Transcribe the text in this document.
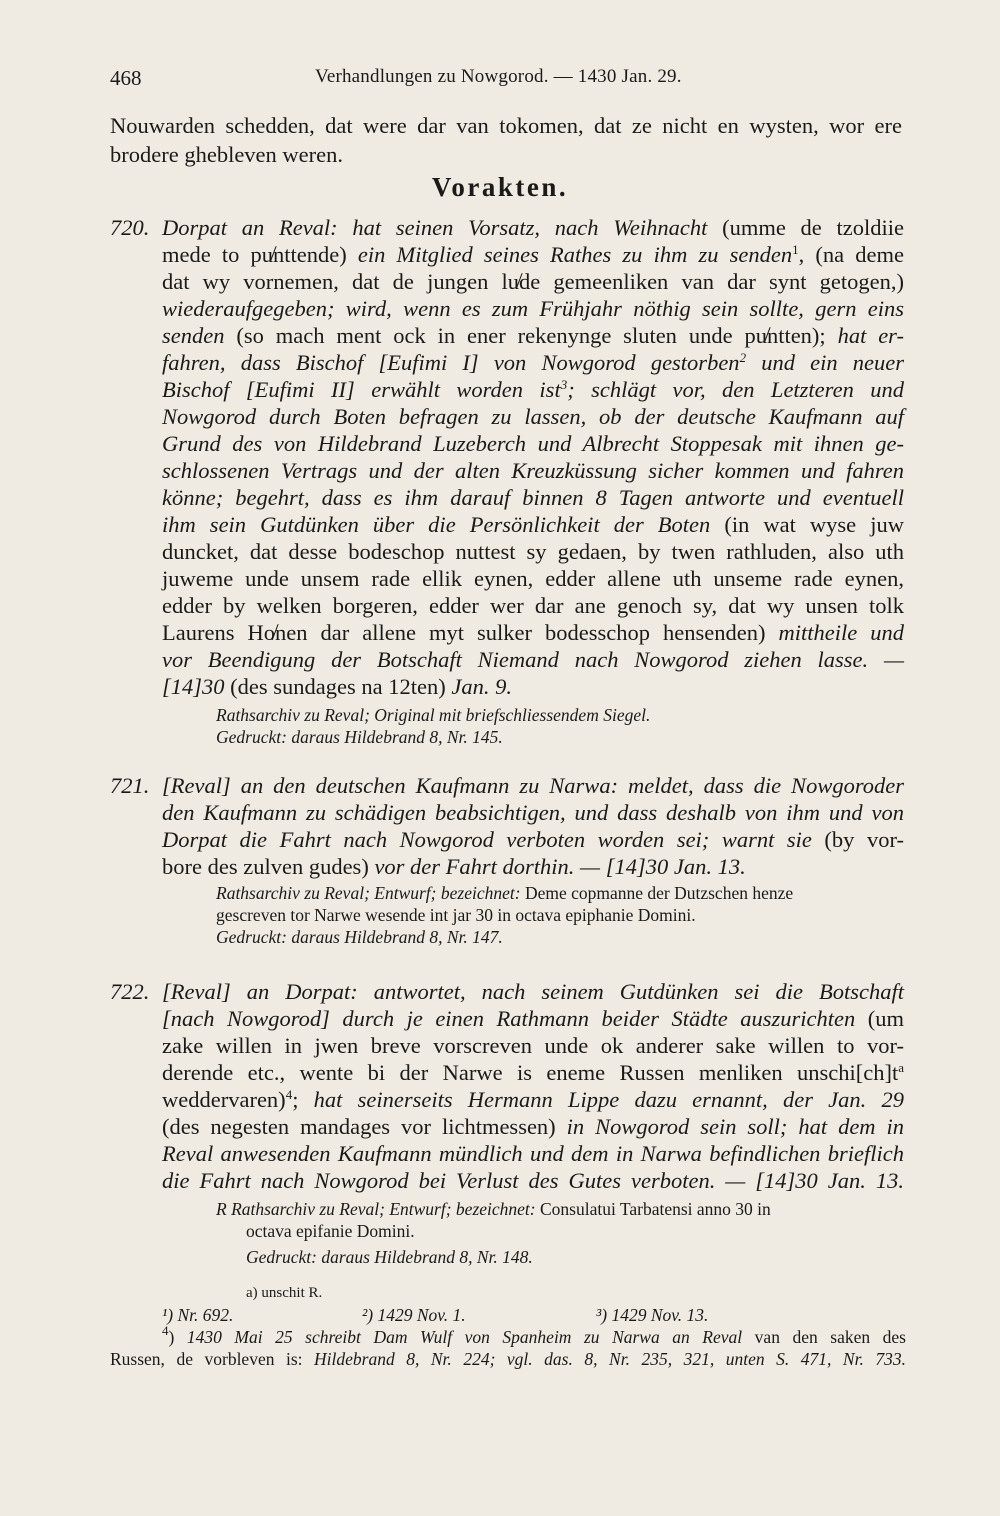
468	Verhandlungen zu Nowgorod. — 1430 Jan. 29.
Nouwarden schedden, dat were dar van tokomen, dat ze nicht en wysten, wor ere
brodere ghebleven weren.
Vorakten.
720. Dorpat an Reval: hat seinen Vorsatz, nach Weihnacht (umme de tzoldiie
mede to pu̸nttende) ein Mitglied seines Rathes zu ihm zu senden$^1$, (na deme
dat wy vornemen, dat de jungen lu̸de gemeenliken van dar synt getogen,)
wiederaufgegeben; wird, wenn es zum Frühjahr nöthig sein sollte, gern eins
senden (so mach ment ock in ener rekenynge sluten unde pu̸ntten); hat er-
fahren, dass Bischof [Eufimi I] von Nowgorod gestorben$^2$ und ein neuer
Bischof [Eufimi II] erwählt worden ist$^3$; schlägt vor, den Letzteren und
Nowgorod durch Boten befragen zu lassen, ob der deutsche Kaufmann auf
Grund des von Hildebrand Luzeberch und Albrecht Stoppesak mit ihnen ge-
schlossenen Vertrags und der alten Kreuzküssung sicher kommen und fahren
könne; begehrt, dass es ihm darauf binnen 8 Tagen antworte und eventuell
ihm sein Gutdünken über die Persönlichkeit der Boten (in wat wyse juw
duncket, dat desse bodeschop nuttest sy gedaen, by twen rathluden, also uth
juweme unde unsem rade ellik eynen, edder allene uth unseme rade eynen,
edder by welken borgeren, edder wer dar ane genoch sy, dat wy unsen tolk
Laurens Ho̸nen dar allene myt sulker bodesschop hensenden) mittheile und
vor Beendigung der Botschaft Niemand nach Nowgorod ziehen lasse. —
[14]30 (des sundages na 12ten) Jan. 9.
Rathsarchiv zu Reval; Original mit briefschliessendem Siegel.
Gedruckt: daraus Hildebrand 8, Nr. 145.
721. [Reval] an den deutschen Kaufmann zu Narwa: meldet, dass die Nowgoroder
den Kaufmann zu schädigen beabsichtigen, und dass deshalb von ihm und von
Dorpat die Fahrt nach Nowgorod verboten worden sei; warnt sie (by vor-
bore des zulven gudes) vor der Fahrt dorthin. — [14]30 Jan. 13.
Rathsarchiv zu Reval; Entwurf; bezeichnet: Deme copmanne der Dutzschen henze
gescreven tor Narwe wesende int jar 30 in octava epiphanie Domini.
Gedruckt: daraus Hildebrand 8, Nr. 147.
722. [Reval] an Dorpat: antwortet, nach seinem Gutdünken sei die Botschaft
[nach Nowgorod] durch je einen Rathmann beider Städte auszurichten (um
zake willen in jwen breve vorscreven unde ok anderer sake willen to vor-
derende etc., wente bi der Narwe is eneme Russen menliken $unschi[ch]t^a$
weddervaren)$^4$; hat seinerseits Hermann Lippe dazu ernannt, der Jan. 29
(des negesten mandages vor lichtmessen) in Nowgorod sein soll; hat dem in
Reval anwesenden Kaufmann mündlich und dem in Narwa befindlichen brieflich
die Fahrt nach Nowgorod bei Verlust des Gutes verboten. — [14]30 Jan. 13.
R Rathsarchiv zu Reval; Entwurf; bezeichnet: Consulatui Tarbatensi anno 30 in
octava epifanie Domini.
Gedruckt: daraus Hildebrand 8, Nr. 148.
a) unschit R.
¹) Nr. 692.	²) 1429 Nov. 1.	³) 1429 Nov. 13.
$^4$) 1430 Mai 25 schreibt Dam Wulf von Spanheim zu Narwa an Reval van den saken des
Russen, de vorbleven is: Hildebrand 8, Nr. 224; vgl. das. 8, Nr. 235, 321, unten S. 471, Nr. 733.
